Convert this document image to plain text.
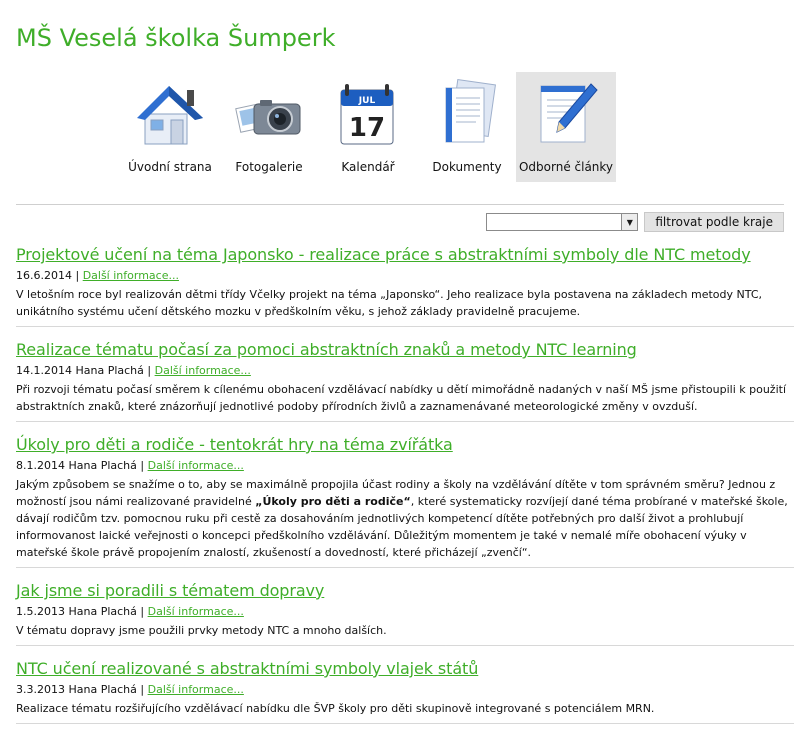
MŠ Veselá školka Šumperk
Úvodní strana Fotogalerie
JUL
17
Kalendář	Dokumenty Odborné články
▼	filtrovat podle kraje
Projektové učení na téma Japonsko - realizace práce s abstraktními symboly dle NTC metody
16.6.2014 | Další informace...

V letošním roce byl realizován dětmi třídy Včelky projekt na téma „Japonsko“. Jeho realizace byla postavena na základech metody NTC, unikátního systému učení dětského mozku v předškolním věku, s jehož základy pravidelně pracujeme.

Realizace tématu počasí za pomoci abstraktních znaků a metody NTC learning
14.1.2014 Hana Plachá | Další informace...

Při rozvoji tématu počasí směrem k cílenému obohacení vzdělávací nabídky u dětí mimořádně nadaných v naší MŠ jsme přistoupili k použití abstraktních znaků, které znázorňují jednotlivé podoby přírodních živlů a zaznamenávané meteorologické změny v ovzduší.

Úkoly pro děti a rodiče - tentokrát hry na téma zvířátka
8.1.2014 Hana Plachá | Další informace...

Jakým způsobem se snažíme o to, aby se maximálně propojila účast rodiny a školy na vzdělávání dítěte v tom správném směru? Jednou z možností jsou námi realizované pravidelné „Úkoly pro děti a rodiče“, které systematicky rozvíjejí dané téma probírané v mateřské škole, dávají rodičům tzv. pomocnou ruku při cestě za dosahováním jednotlivých kompetencí dítěte potřebných pro další život a prohlubují informovanost laické veřejnosti o koncepci předškolního vzdělávání. Důležitým momentem je také v nemalé míře obohacení výuky v mateřské škole právě propojením znalostí, zkušeností a dovedností, které přicházejí „zvenčí“.

Jak jsme si poradili s tématem dopravy
1.5.2013 Hana Plachá | Další informace...

V tématu dopravy jsme použili prvky metody NTC a mnoho dalších.

NTC učení realizované s abstraktními symboly vlajek států
3.3.2013 Hana Plachá | Další informace...

Realizace tématu rozšiřujícího vzdělávací nabídku dle ŠVP školy pro děti skupinově integrované s potenciálem MRN.
